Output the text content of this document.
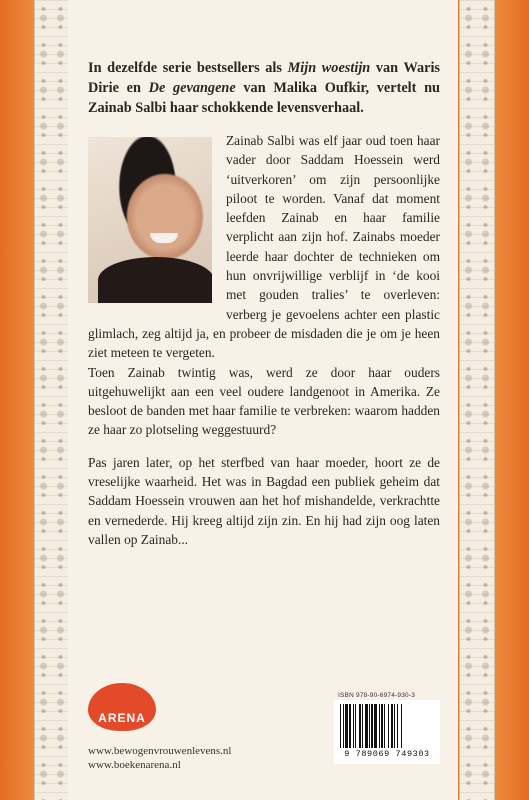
In dezelfde serie bestsellers als Mijn woestijn van Waris Dirie en De gevangene van Malika Oufkir, vertelt nu Zainab Salbi haar schokkende levensverhaal.

Zainab Salbi was elf jaar oud toen haar vader door Saddam Hoessein werd ‘uitverkoren’ om zijn persoonlijke piloot te worden. Vanaf dat moment leefden Zainab en haar familie verplicht aan zijn hof. Zainabs moeder leerde haar dochter de technieken om hun onvrijwillige verblijf in ‘de kooi met gouden tralies’ te overleven: verberg je gevoelens achter een plastic glimlach, zeg altijd ja, en probeer de misdaden die je om je heen ziet meteen te vergeten.

Toen Zainab twintig was, werd ze door haar ouders uitgehuwelijkt aan een veel oudere landgenoot in Amerika. Ze besloot de banden met haar familie te verbreken: waarom hadden ze haar zo plotseling weggestuurd?

Pas jaren later, op het sterfbed van haar moeder, hoort ze de vreselijke waarheid. Het was in Bagdad een publiek geheim dat Saddam Hoessein vrouwen aan het hof mishandelde, verkrachtte en vernederde. Hij kreeg altijd zijn zin. En hij had zijn oog laten vallen op Zainab...

ARENA
www.bewogenvrouwenlevens.nl
www.boekenarena.nl
ISBN 978-90-6974-930-3
9 789069 749303
